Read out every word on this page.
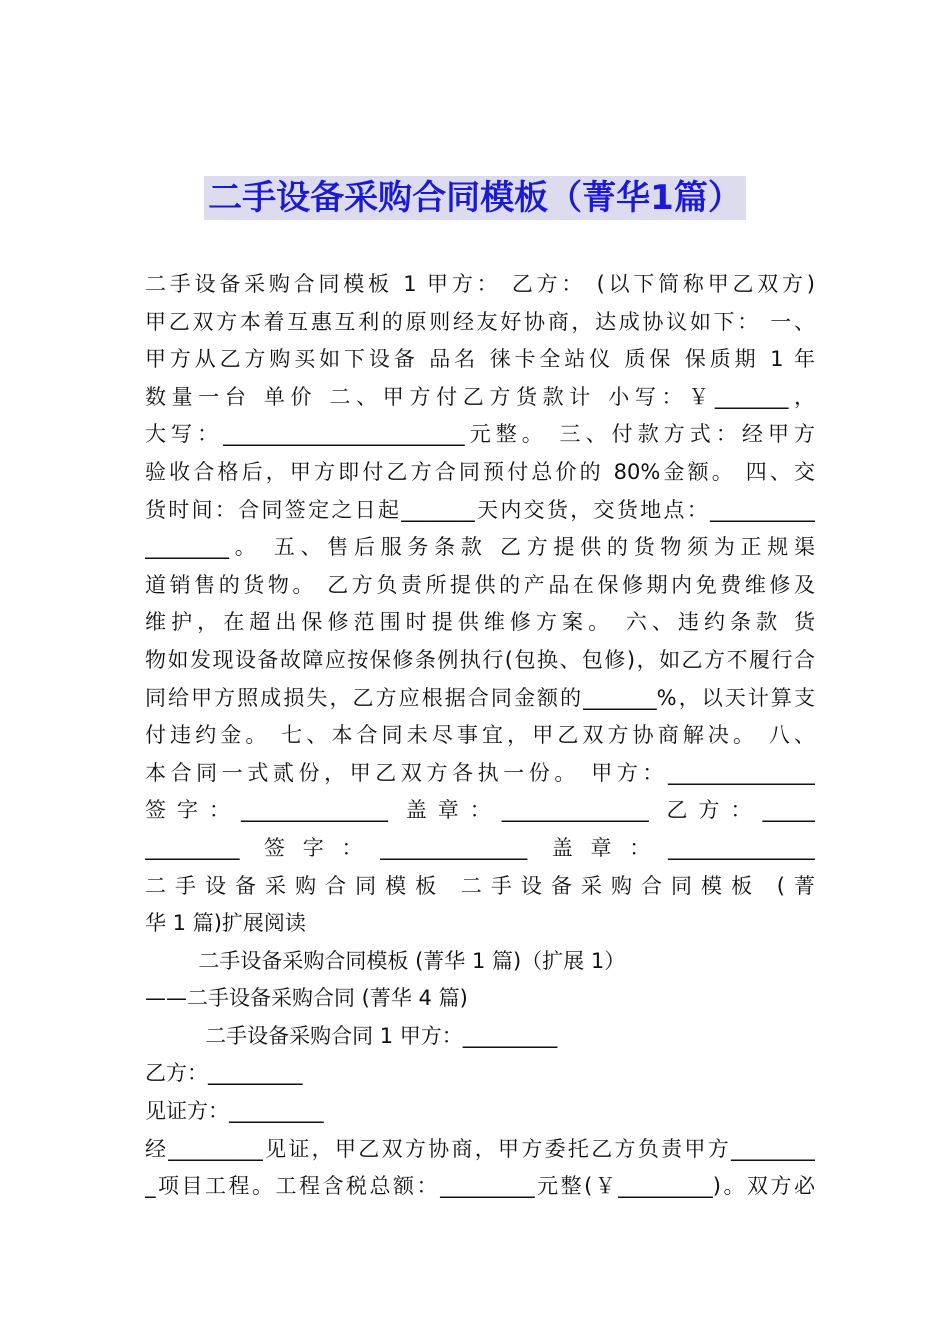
二手设备采购合同模板（菁华1篇）
二手设备采购合同模板 1 甲方： 乙方： (以下简称甲乙双方)
甲乙双方本着互惠互利的原则经友好协商，达成协议如下： 一、
甲方从乙方购买如下设备 品名 徕卡全站仪 质保 保质期 1 年
数量一台 单价 二、甲方付乙方货款计 小写：￥_______，
大写：_______________________元整。 三、付款方式：经甲方
验收合格后，甲方即付乙方合同预付总价的 80%金额。 四、交
货时间：合同签定之日起_______天内交货，交货地点：__________
________。 五、售后服务条款 乙方提供的货物须为正规渠
道销售的货物。 乙方负责所提供的产品在保修期内免费维修及
维护，在超出保修范围时提供维修方案。 六、违约条款 货
物如发现设备故障应按保修条例执行(包换、包修)，如乙方不履行合
同给甲方照成损失，乙方应根据合同金额的_______%，以天计算支
付违约金。 七、本合同未尽事宜，甲乙双方协商解决。 八、
本合同一式贰份，甲乙双方各执一份。 甲方：______________
签字：______________ 盖章：______________ 乙方：_____
_________ 签字：______________ 盖章：______________
二手设备采购合同模板 二手设备采购合同模板 (菁
华 1 篇)扩展阅读
二手设备采购合同模板 (菁华 1 篇)（扩展 1）
——二手设备采购合同 (菁华 4 篇)
二手设备采购合同 1 甲方：_________
乙方：_________
见证方：_________
经_________见证，甲乙双方协商，甲方委托乙方负责甲方________
_项目工程。工程含税总额：_________元整(￥_________)。双方必
